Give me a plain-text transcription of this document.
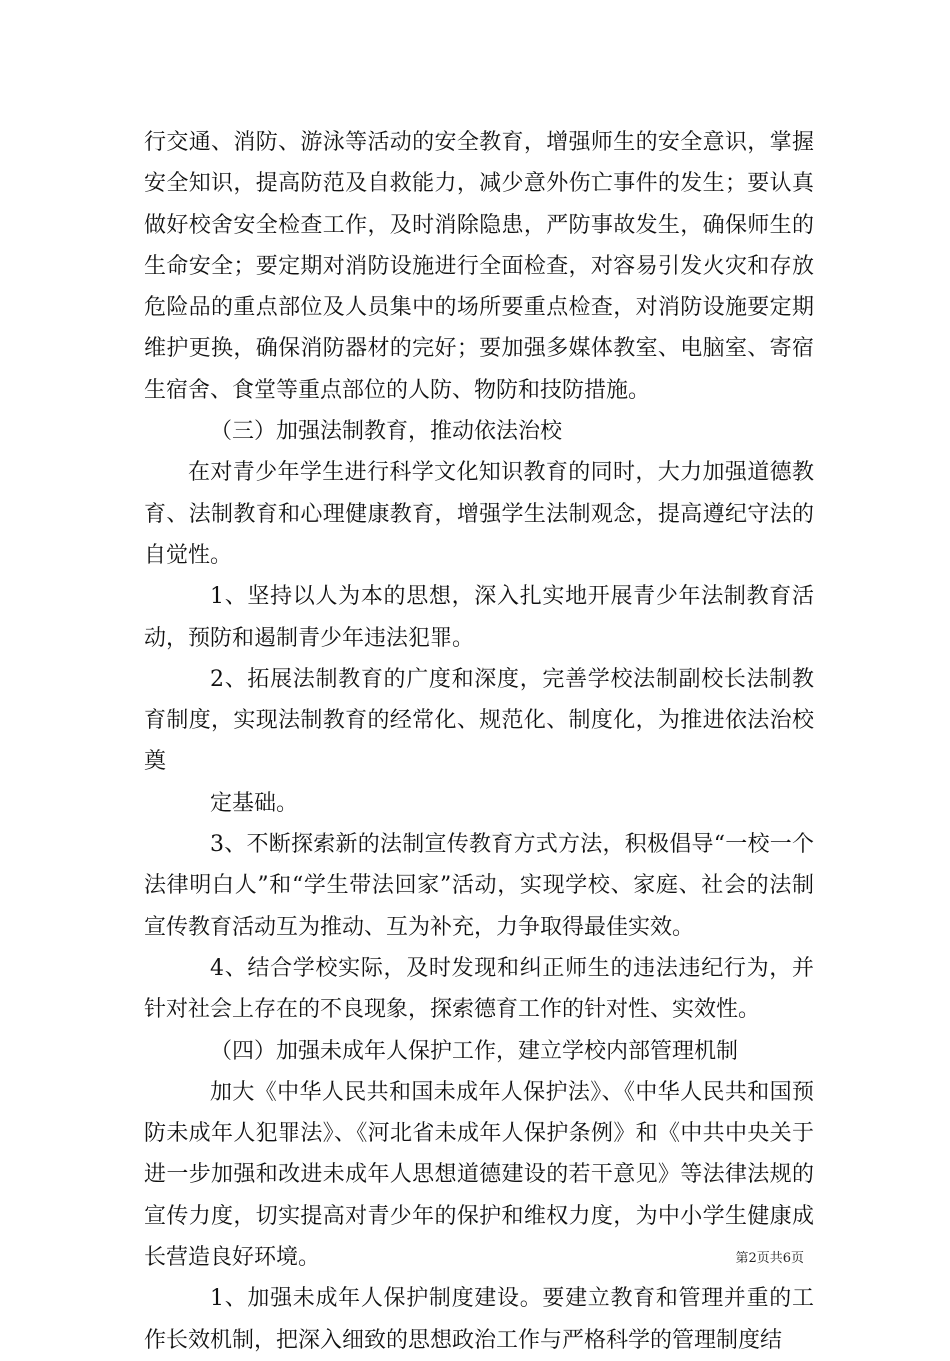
行交通、消防、游泳等活动的安全教育，增强师生的安全意识，掌握安全知识，提高防范及自救能力，减少意外伤亡事件的发生；要认真做好校舍安全检查工作，及时消除隐患，严防事故发生，确保师生的生命安全；要定期对消防设施进行全面检查，对容易引发火灾和存放危险品的重点部位及人员集中的场所要重点检查，对消防设施要定期维护更换，确保消防器材的完好；要加强多媒体教室、电脑室、寄宿生宿舍、食堂等重点部位的人防、物防和技防措施。

（三）加强法制教育，推动依法治校

在对青少年学生进行科学文化知识教育的同时，大力加强道德教育、法制教育和心理健康教育，增强学生法制观念，提高遵纪守法的自觉性。

1、坚持以人为本的思想，深入扎实地开展青少年法制教育活动，预防和遏制青少年违法犯罪。

2、拓展法制教育的广度和深度，完善学校法制副校长法制教育制度，实现法制教育的经常化、规范化、制度化，为推进依法治校奠

定基础。

3、不断探索新的法制宣传教育方式方法，积极倡导“一校一个法律明白人”和“学生带法回家”活动，实现学校、家庭、社会的法制宣传教育活动互为推动、互为补充，力争取得最佳实效。

4、结合学校实际，及时发现和纠正师生的违法违纪行为，并针对社会上存在的不良现象，探索德育工作的针对性、实效性。

（四）加强未成年人保护工作，建立学校内部管理机制

加大《中华人民共和国未成年人保护法》、《中华人民共和国预防未成年人犯罪法》、《河北省未成年人保护条例》和《中共中央关于进一步加强和改进未成年人思想道德建设的若干意见》等法律法规的宣传力度，切实提高对青少年的保护和维权力度，为中小学生健康成长营造良好环境。

1、加强未成年人保护制度建设。要建立教育和管理并重的工作长效机制，把深入细致的思想政治工作与严格科学的管理制度结

第2页共6页
